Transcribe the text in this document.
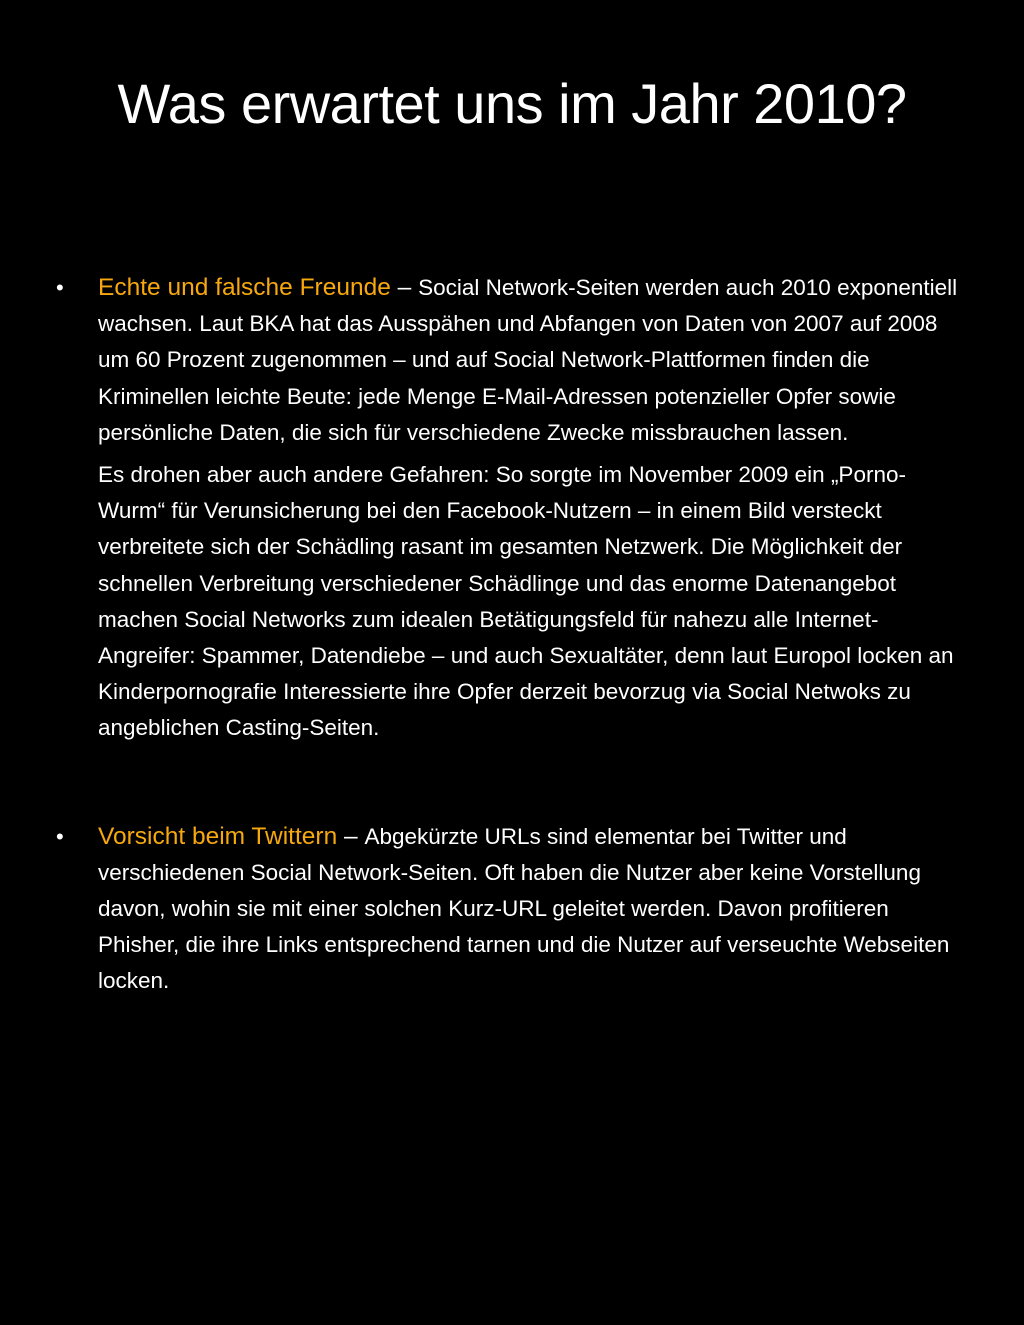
Was erwartet uns im Jahr 2010?
• Echte und falsche Freunde – Social Network-Seiten werden auch 2010 exponentiell wachsen. Laut BKA hat das Ausspähen und Abfangen von Daten von 2007 auf 2008 um 60 Prozent zugenommen – und auf Social Network-Plattformen finden die Kriminellen leichte Beute: jede Menge E-Mail-Adressen potenzieller Opfer sowie persönliche Daten, die sich für verschiedene Zwecke missbrauchen lassen.
Es drohen aber auch andere Gefahren: So sorgte im November 2009 ein „Porno-Wurm“ für Verunsicherung bei den Facebook-Nutzern – in einem Bild versteckt verbreitete sich der Schädling rasant im gesamten Netzwerk. Die Möglichkeit der schnellen Verbreitung verschiedener Schädlinge und das enorme Datenangebot machen Social Networks zum idealen Betätigungsfeld für nahezu alle Internet-Angreifer: Spammer, Datendiebe – und auch Sexualtäter, denn laut Europol locken an Kinderpornografie Interessierte ihre Opfer derzeit bevorzug via Social Netwoks zu angeblichen Casting-Seiten.
• Vorsicht beim Twittern – Abgekürzte URLs sind elementar bei Twitter und verschiedenen Social Network-Seiten. Oft haben die Nutzer aber keine Vorstellung davon, wohin sie mit einer solchen Kurz-URL geleitet werden. Davon profitieren Phisher, die ihre Links entsprechend tarnen und die Nutzer auf verseuchte Webseiten locken.
